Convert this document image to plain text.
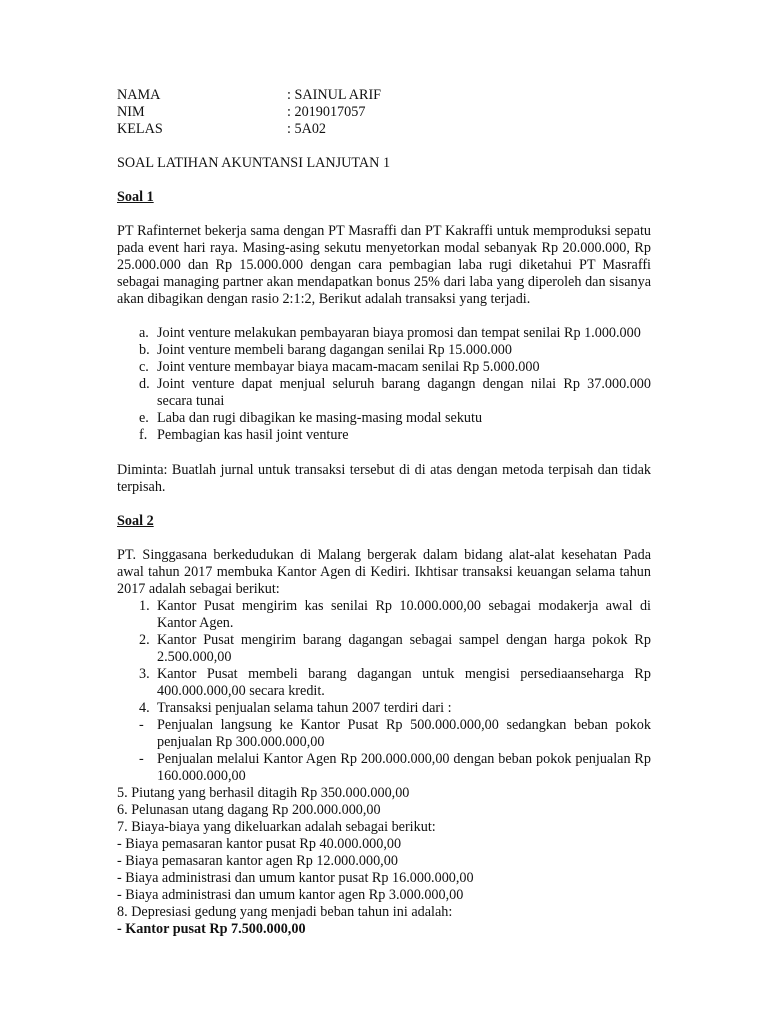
NAMA	: SAINUL ARIF
NIM	: 2019017057
KELAS	: 5A02
SOAL LATIHAN AKUNTANSI LANJUTAN 1
Soal 1
PT Rafinternet bekerja sama dengan PT Masraffi dan PT Kakraffi untuk memproduksi sepatu pada event hari raya. Masing-asing sekutu menyetorkan modal sebanyak Rp 20.000.000, Rp 25.000.000 dan Rp 15.000.000 dengan cara pembagian laba rugi diketahui PT Masraffi sebagai managing partner akan mendapatkan bonus 25% dari laba yang diperoleh dan sisanya akan dibagikan dengan rasio 2:1:2, Berikut adalah transaksi yang terjadi.
a. Joint venture melakukan pembayaran biaya promosi dan tempat senilai Rp 1.000.000
b. Joint venture membeli barang dagangan senilai Rp 15.000.000
c. Joint venture membayar biaya macam-macam senilai Rp 5.000.000
d. Joint venture dapat menjual seluruh barang dagangn dengan nilai Rp 37.000.000 secara tunai
e. Laba dan rugi dibagikan ke masing-masing modal sekutu
f. Pembagian kas hasil joint venture
Diminta: Buatlah jurnal untuk transaksi tersebut di di atas dengan metoda terpisah dan tidak terpisah.
Soal 2
PT. Singgasana berkedudukan di Malang bergerak dalam bidang alat-alat kesehatan Pada awal tahun 2017 membuka Kantor Agen di Kediri. Ikhtisar transaksi keuangan selama tahun 2017 adalah sebagai berikut:
1. Kantor Pusat mengirim kas senilai Rp 10.000.000,00 sebagai modakerja awal di Kantor Agen.
2. Kantor Pusat mengirim barang dagangan sebagai sampel dengan harga pokok Rp 2.500.000,00
3. Kantor Pusat membeli barang dagangan untuk mengisi persediaanseharga Rp 400.000.000,00 secara kredit.
4. Transaksi penjualan selama tahun 2007 terdiri dari :
- Penjualan langsung ke Kantor Pusat Rp 500.000.000,00 sedangkan beban pokok penjualan Rp 300.000.000,00
- Penjualan melalui Kantor Agen Rp 200.000.000,00 dengan beban pokok penjualan Rp 160.000.000,00
5. Piutang yang berhasil ditagih Rp 350.000.000,00
6. Pelunasan utang dagang Rp 200.000.000,00
7. Biaya-biaya yang dikeluarkan adalah sebagai berikut:
- Biaya pemasaran kantor pusat Rp 40.000.000,00
- Biaya pemasaran kantor agen Rp 12.000.000,00
- Biaya administrasi dan umum kantor pusat Rp 16.000.000,00
- Biaya administrasi dan umum kantor agen Rp 3.000.000,00
8. Depresiasi gedung yang menjadi beban tahun ini adalah:
- Kantor pusat Rp 7.500.000,00
